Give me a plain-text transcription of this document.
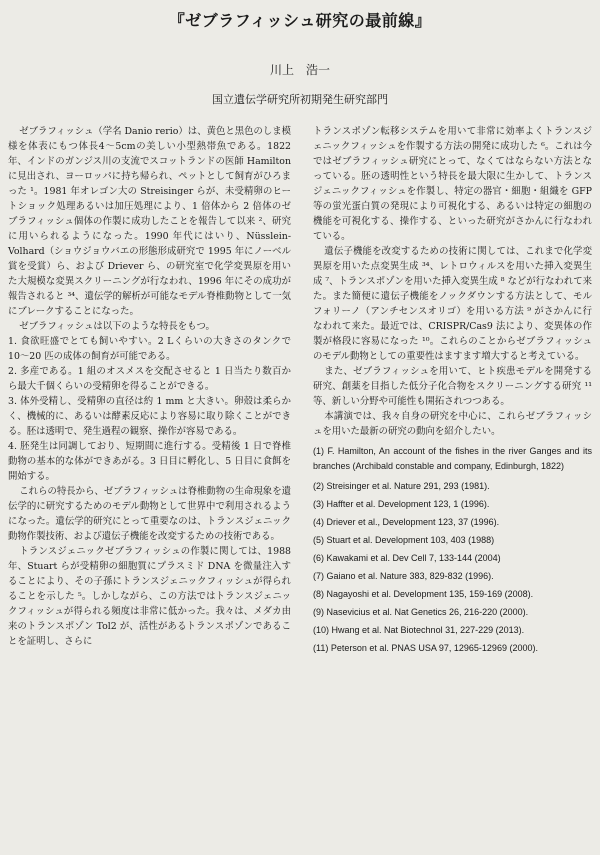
『ゼブラフィッシュ研究の最前線』
川上　浩一
国立遺伝学研究所初期発生研究部門

ゼブラフィッシュ（学名 Danio rerio）は、黄色と黒色のしま模様を体表にもつ体長4〜5cmの美しい小型熱帯魚である。1822 年、インドのガンジス川の支流でスコットランドの医師 Hamilton に見出され、ヨーロッパに持ち帰られ、ペットとして飼育がひろまった ¹。1981 年オレゴン大の Streisinger らが、未受精卵のヒートショック処理あるいは加圧処理により、1 倍体から 2 倍体のゼブラフィッシュ個体の作製に成功したことを報告して以来 ²、研究に用いられるようになった。1990 年代にはいり、Nüsslein-Volhard（ショウジョウバエの形態形成研究で 1995 年にノーベル賞を受賞）ら、および Driever ら、の研究室で化学変異原を用いた大規模な変異スクリーニングが行なわれ、1996 年にその成功が報告されると ³⁴、遺伝学的解析が可能なモデル脊椎動物として一気にブレークすることになった。

ゼブラフィッシュは以下のような特長をもつ。

1. 食欲旺盛でとても飼いやすい。2 Lくらいの大きさのタンクで 10〜20 匹の成体の飼育が可能である。

2. 多産である。1 組のオスメスを交配させると 1 日当たり数百から最大千個くらいの受精卵を得ることができる。

3. 体外受精し、受精卵の直径は約 1 mm と大きい。卵殻は柔らかく、機械的に、あるいは酵素反応により容易に取り除くことができる。胚は透明で、発生過程の観察、操作が容易である。

4. 胚発生は同調しており、短期間に進行する。受精後 1 日で脊椎動物の基本的な体ができあがる。3 日目に孵化し、5 日目に食餌を開始する。

これらの特長から、ゼブラフィッシュは脊椎動物の生命現象を遺伝学的に研究するためのモデル動物として世界中で利用されるようになった。遺伝学的研究にとって重要なのは、トランスジェニック動物作製技術、および遺伝子機能を改変するための技術である。

トランスジェニックゼブラフィッシュの作製に関しては、1988 年、Stuart らが受精卵の細胞質にプラスミド DNA を微量注入することにより、その子孫にトランスジェニックフィッシュが得られることを示した ⁵。しかしながら、この方法ではトランスジェニックフィッシュが得られる頻度は非常に低かった。我々は、メダカ由来のトランスポゾン Tol2 が、活性があるトランスポゾンであることを証明し、さらに

トランスポゾン転移システムを用いて非常に効率よくトランスジェニックフィッシュを作製する方法の開発に成功した ⁶。これは今ではゼブラフィッシュ研究にとって、なくてはならない方法となっている。胚の透明性という特長を最大限に生かして、トランスジェニックフィッシュを作製し、特定の器官・細胞・組織を GFP 等の蛍光蛋白質の発現により可視化する、あるいは特定の細胞の機能を可視化する、操作する、といった研究がさかんに行なわれている。

遺伝子機能を改変するための技術に関しては、これまで化学変異原を用いた点変異生成 ³⁴、レトロウィルスを用いた挿入変異生成 ⁷、トランスポゾンを用いた挿入変異生成 ⁸ などが行なわれて来た。また簡便に遺伝子機能をノックダウンする方法として、モルフォリーノ（アンチセンスオリゴ）を用いる方法 ⁹ がさかんに行なわれて来た。最近では、CRISPR/Cas9 法により、変異体の作製が格段に容易になった ¹⁰。これらのことからゼブラフィッシュのモデル動物としての重要性はますます増大すると考えている。

また、ゼブラフィッシュを用いて、ヒト疾患モデルを開発する研究、創薬を目指した低分子化合物をスクリーニングする研究 ¹¹ 等、新しい分野や可能性も開拓されつつある。

本講演では、我々自身の研究を中心に、これらゼブラフィッシュを用いた最新の研究の動向を紹介したい。

(1) F. Hamilton, An account of the fishes in the river Ganges and its branches (Archibald constable and company, Edinburgh, 1822)

(2) Streisinger et al. Nature 291, 293 (1981).

(3) Haffter et al. Development 123, 1 (1996).

(4) Driever et al., Development 123, 37 (1996).

(5) Stuart et al. Development 103, 403 (1988)

(6) Kawakami et al. Dev Cell 7, 133-144 (2004)

(7) Gaiano et al. Nature 383, 829-832 (1996).

(8) Nagayoshi et al. Development 135, 159-169 (2008).

(9) Nasevicius et al. Nat Genetics 26, 216-220 (2000).

(10) Hwang et al. Nat Biotechnol 31, 227-229 (2013).

(11) Peterson et al. PNAS USA 97, 12965-12969 (2000).
